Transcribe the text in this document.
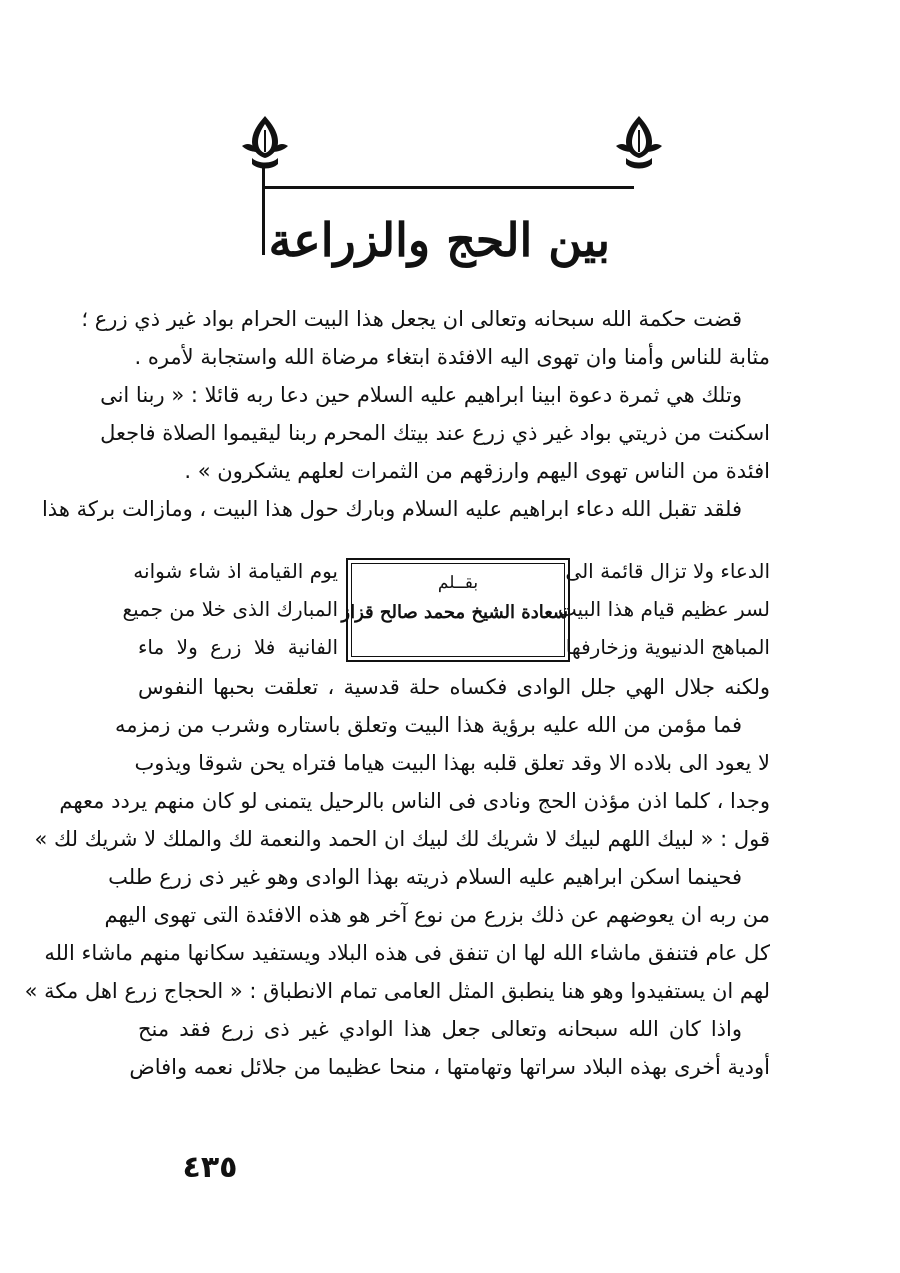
بين الحج والزراعة
قضت حكمة الله سبحانه وتعالى ان يجعل هذا البيت الحرام بواد غير ذي زرع ؛
مثابة للناس وأمنا وان تهوى اليه الافئدة ابتغاء مرضاة الله واستجابة لأمره .
وتلك هي ثمرة دعوة ابينا ابراهيم عليه السلام حين دعا ربه قائلا : « ربنا انى
اسكنت من ذريتي بواد غير ذي زرع عند بيتك المحرم ربنا ليقيموا الصلاة فاجعل
افئدة من الناس تهوى اليهم وارزقهم من الثمرات لعلهم يشكرون » .
فلقد تقبل الله دعاء ابراهيم عليه السلام وبارك حول هذا البيت ، ومازالت بركة هذا
الدعاء ولا تزال قائمة الى
يوم القيامة اذ شاء شوانه
لسر عظيم قيام هذا البيت
المبارك الذى خلا من جميع
المباهج الدنيوية وزخارفها
الفانية فلا زرع ولا ماء
بقــلم
سعادة الشيخ محمد صالح قزاز
ولكنه جلال الهي جلل الوادى فكساه حلة قدسية ، تعلقت بحبها النفوس
فما مؤمن من الله عليه برؤية هذا البيت وتعلق باستاره وشرب من زمزمه
لا يعود الى بلاده الا وقد تعلق قلبه بهذا البيت هياما فتراه يحن شوقا ويذوب
وجدا ، كلما اذن مؤذن الحج ونادى فى الناس بالرحيل يتمنى لو كان منهم يردد معهم
قول : « لبيك اللهم لبيك لا شريك لك لبيك ان الحمد والنعمة لك والملك لا شريك لك »
فحينما اسكن ابراهيم عليه السلام ذريته بهذا الوادى وهو غير ذى زرع طلب
من ربه ان يعوضهم عن ذلك بزرع من نوع آخر هو هذه الافئدة التى تهوى اليهم
كل عام فتنفق ماشاء الله لها ان تنفق فى هذه البلاد ويستفيد سكانها منهم ماشاء الله
لهم ان يستفيدوا وهو هنا ينطبق المثل العامى تمام الانطباق : « الحجاج زرع اهل مكة »
واذا كان الله سبحانه وتعالى جعل هذا الوادي غير ذى زرع فقد منح
أودية أخرى بهذه البلاد سراتها وتهامتها ، منحا عظيما من جلائل نعمه وافاض
٤٣٥
